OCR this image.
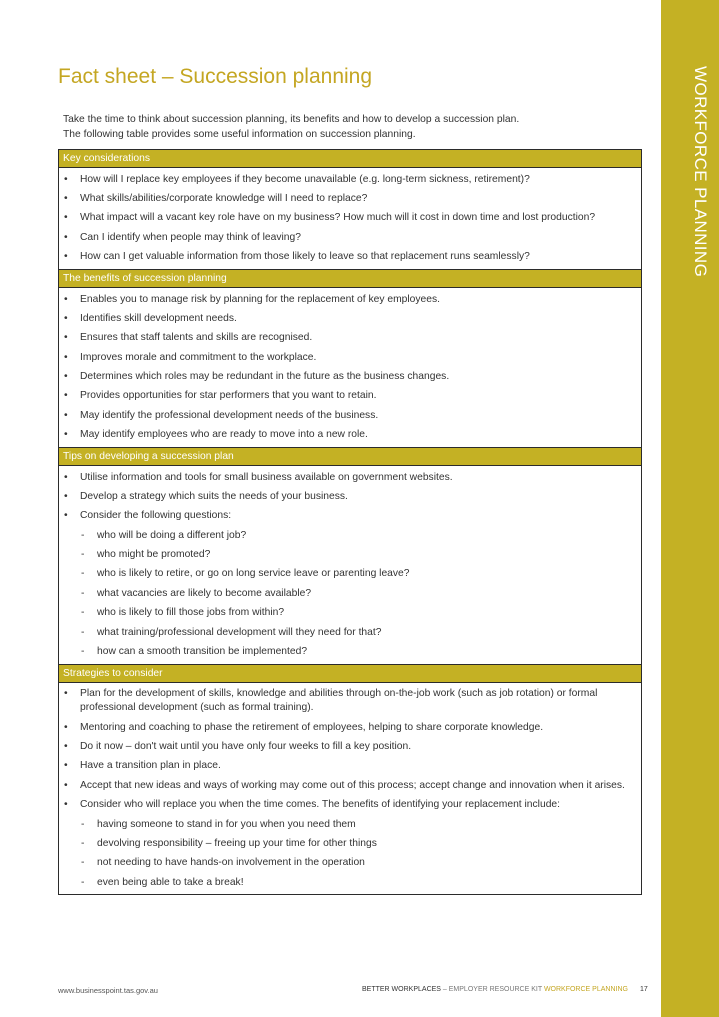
WORKFORCE PLANNING
Fact sheet – Succession planning
Take the time to think about succession planning, its benefits and how to develop a succession plan.
The following table provides some useful information on succession planning.
Key considerations

• How will I replace key employees if they become unavailable (e.g. long-term sickness, retirement)?
• What skills/abilities/corporate knowledge will I need to replace?
• What impact will a vacant key role have on my business? How much will it cost in down time and lost production?
• Can I identify when people may think of leaving?
• How can I get valuable information from those likely to leave so that replacement runs seamlessly?

The benefits of succession planning

• Enables you to manage risk by planning for the replacement of key employees.
• Identifies skill development needs.
• Ensures that staff talents and skills are recognised.
• Improves morale and commitment to the workplace.
• Determines which roles may be redundant in the future as the business changes.
• Provides opportunities for star performers that you want to retain.
• May identify the professional development needs of the business.
• May identify employees who are ready to move into a new role.

Tips on developing a succession plan

• Utilise information and tools for small business available on government websites.
• Develop a strategy which suits the needs of your business.
• Consider the following questions:
- who will be doing a different job?
- who might be promoted?
- who is likely to retire, or go on long service leave or parenting leave?
- what vacancies are likely to become available?
- who is likely to fill those jobs from within?
- what training/professional development will they need for that?
- how can a smooth transition be implemented?

Strategies to consider

• Plan for the development of skills, knowledge and abilities through on-the-job work (such as job rotation) or formal professional development (such as formal training).
• Mentoring and coaching to phase the retirement of employees, helping to share corporate knowledge.
• Do it now – don't wait until you have only four weeks to fill a key position.
• Have a transition plan in place.
• Accept that new ideas and ways of working may come out of this process; accept change and innovation when it arises.
• Consider who will replace you when the time comes. The benefits of identifying your replacement include:
- having someone to stand in for you when you need them
- devolving responsibility – freeing up your time for other things
- not needing to have hands-on involvement in the operation
- even being able to take a break!
www.businesspoint.tas.gov.au	BETTER WORKPLACES – EMPLOYER RESOURCE KIT WORKFORCE PLANNING 17
